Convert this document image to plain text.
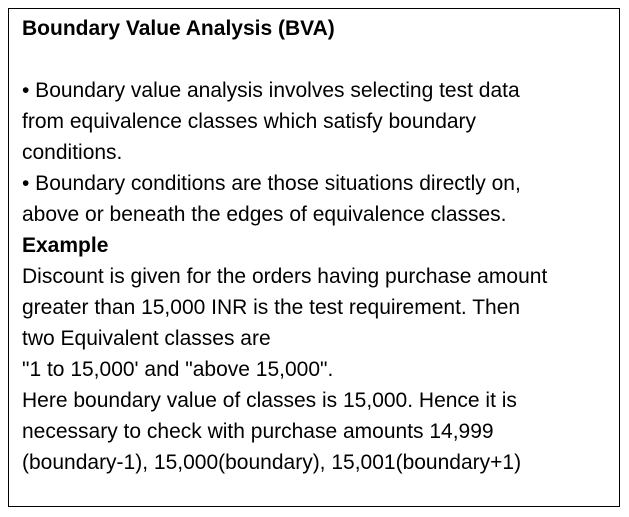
Boundary Value Analysis (BVA)
• Boundary value analysis involves selecting test data
from equivalence classes which satisfy boundary
conditions.
• Boundary conditions are those situations directly on,
above or beneath the edges of equivalence classes.
Example
Discount is given for the orders having purchase amount
greater than 15,000 INR is the test requirement. Then
two Equivalent classes are
"1 to 15,000' and "above 15,000".
Here boundary value of classes is 15,000. Hence it is
necessary to check with purchase amounts 14,999
(boundary-1), 15,000(boundary), 15,001(boundary+1)
